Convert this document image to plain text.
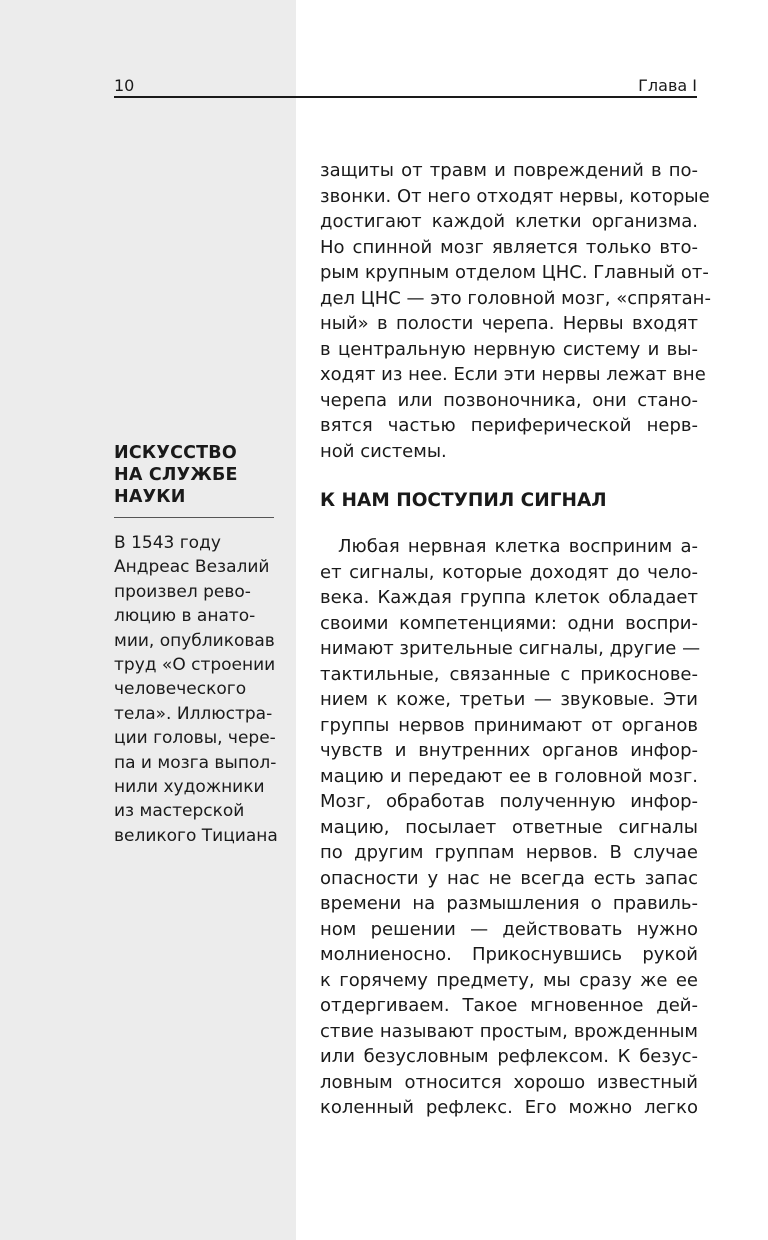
10	Глава I
ИСКУССТВО
НА СЛУЖБЕ
НАУКИ
В 1543 году
Андреас Везалий
произвел рево-
люцию в анато-
мии, опубликовав
труд «О строении
человеческого
тела». Иллюстра-
ции головы, чере-
па и мозга выпол-
нили художники
из мастерской
великого Тициана

защиты от травм и повреждений в по-
звонки. От него отходят нервы, которые
достигают каждой клетки организма.
Но спинной мозг является только вто-
рым крупным отделом ЦНС. Главный от-
дел ЦНС — это головной мозг, «спрятан-
ный» в полости черепа. Нервы входят
в центральную нервную систему и вы-
ходят из нее. Если эти нервы лежат вне
черепа или позвоночника, они стано-
вятся частью периферической нерв-
ной системы.

К НАМ ПОСТУПИЛ СИГНАЛ

Любая нервная клетка восприним а-
ет сигналы, которые доходят до чело-
века. Каждая группа клеток обладает
своими компетенциями: одни воспри-
нимают зрительные сигналы, другие —
тактильные, связанные с прикоснове-
нием к коже, третьи — звуковые. Эти
группы нервов принимают от органов
чувств и внутренних органов инфор-
мацию и передают ее в головной мозг.
Мозг, обработав полученную инфор-
мацию, посылает ответные сигналы
по другим группам нервов. В случае
опасности у нас не всегда есть запас
времени на размышления о правиль-
ном решении — действовать нужно
молниеносно. Прикоснувшись рукой
к горячему предмету, мы сразу же ее
отдергиваем. Такое мгновенное дей-
ствие называют простым, врожденным
или безусловным рефлексом. К безус-
ловным относится хорошо известный
коленный рефлекс. Его можно легко
